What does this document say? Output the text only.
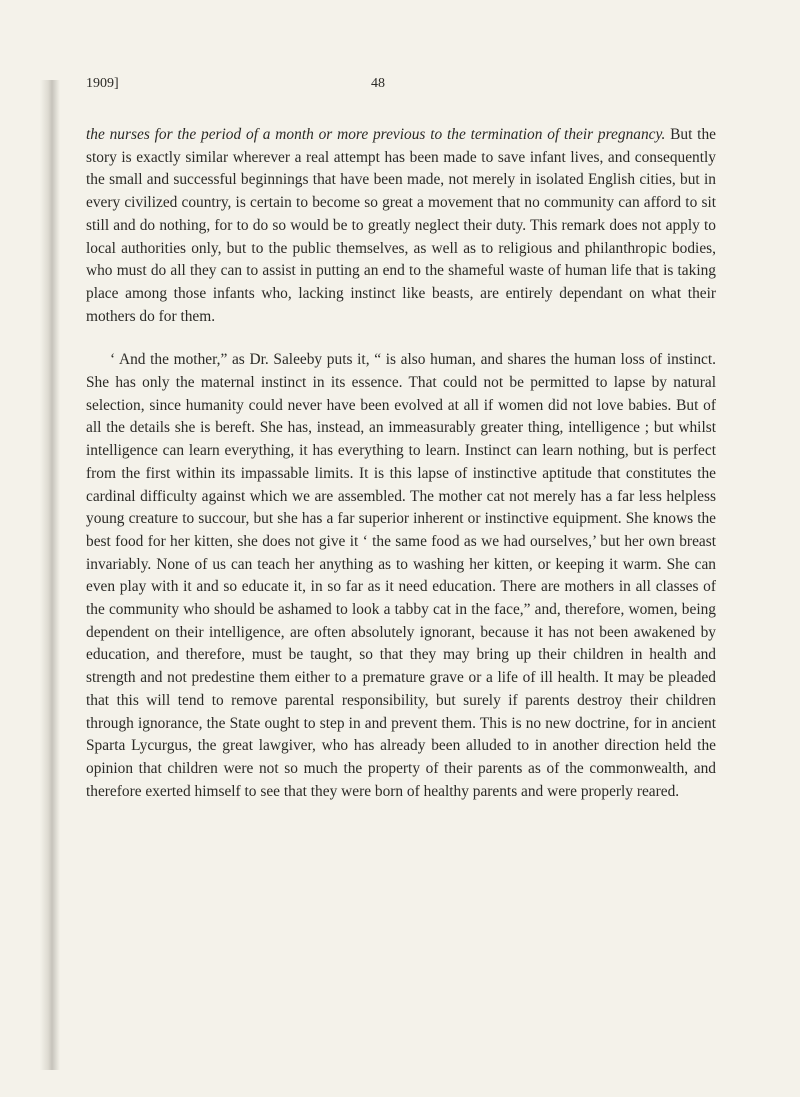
1909]	48

the nurses for the period of a month or more previous to the termination of their pregnancy. But the story is exactly similar wherever a real attempt has been made to save infant lives, and consequently the small and successful beginnings that have been made, not merely in isolated English cities, but in every civilized country, is certain to become so great a movement that no community can afford to sit still and do nothing, for to do so would be to greatly neglect their duty. This remark does not apply to local authorities only, but to the public themselves, as well as to religious and philanthropic bodies, who must do all they can to assist in putting an end to the shameful waste of human life that is taking place among those infants who, lacking instinct like beasts, are entirely dependant on what their mothers do for them.

‘ And the mother,” as Dr. Saleeby puts it, “ is also human, and shares the human loss of instinct. She has only the maternal instinct in its essence. That could not be permitted to lapse by natural selection, since humanity could never have been evolved at all if women did not love babies. But of all the details she is bereft. She has, instead, an immeasurably greater thing, intelligence ; but whilst intelligence can learn everything, it has everything to learn. Instinct can learn nothing, but is perfect from the first within its impassable limits. It is this lapse of instinctive aptitude that constitutes the cardinal difficulty against which we are assembled. The mother cat not merely has a far less helpless young creature to succour, but she has a far superior inherent or instinctive equipment. She knows the best food for her kitten, she does not give it ‘ the same food as we had ourselves,’ but her own breast invariably. None of us can teach her anything as to washing her kitten, or keeping it warm. She can even play with it and so educate it, in so far as it need education. There are mothers in all classes of the community who should be ashamed to look a tabby cat in the face,” and, therefore, women, being dependent on their intelligence, are often absolutely ignorant, because it has not been awakened by education, and therefore, must be taught, so that they may bring up their children in health and strength and not predestine them either to a premature grave or a life of ill health. It may be pleaded that this will tend to remove parental responsibility, but surely if parents destroy their children through ignorance, the State ought to step in and prevent them. This is no new doctrine, for in ancient Sparta Lycurgus, the great lawgiver, who has already been alluded to in another direction held the opinion that children were not so much the property of their parents as of the commonwealth, and therefore exerted himself to see that they were born of healthy parents and were properly reared.
